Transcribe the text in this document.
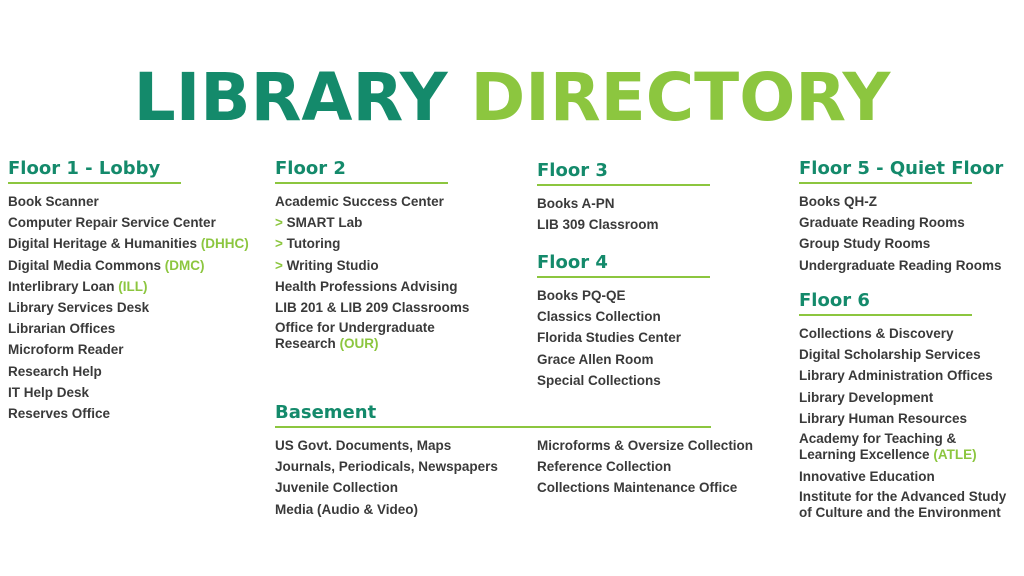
LIBRARY DIRECTORY
Floor 1 - Lobby
Book Scanner
Computer Repair Service Center
Digital Heritage & Humanities (DHHC)
Digital Media Commons (DMC)
Interlibrary Loan (ILL)
Library Services Desk
Librarian Offices
Microform Reader
Research Help
IT Help Desk
Reserves Office
Floor 2
Academic Success Center
> SMART Lab
> Tutoring
> Writing Studio
Health Professions Advising
LIB 201 & LIB 209 Classrooms
Office for Undergraduate Research (OUR)
Floor 3
Books A-PN
LIB 309 Classroom
Floor 4
Books PQ-QE
Classics Collection
Florida Studies Center
Grace Allen Room
Special Collections
Floor 5 - Quiet Floor
Books QH-Z
Graduate Reading Rooms
Group Study Rooms
Undergraduate Reading Rooms
Floor 6
Collections & Discovery
Digital Scholarship Services
Library Administration Offices
Library Development
Library Human Resources
Academy for Teaching & Learning Excellence (ATLE)
Innovative Education
Institute for the Advanced Study of Culture and the Environment
Basement
US Govt. Documents, Maps
Journals, Periodicals, Newspapers
Juvenile Collection
Media (Audio & Video)
Microforms & Oversize Collection
Reference Collection
Collections Maintenance Office
